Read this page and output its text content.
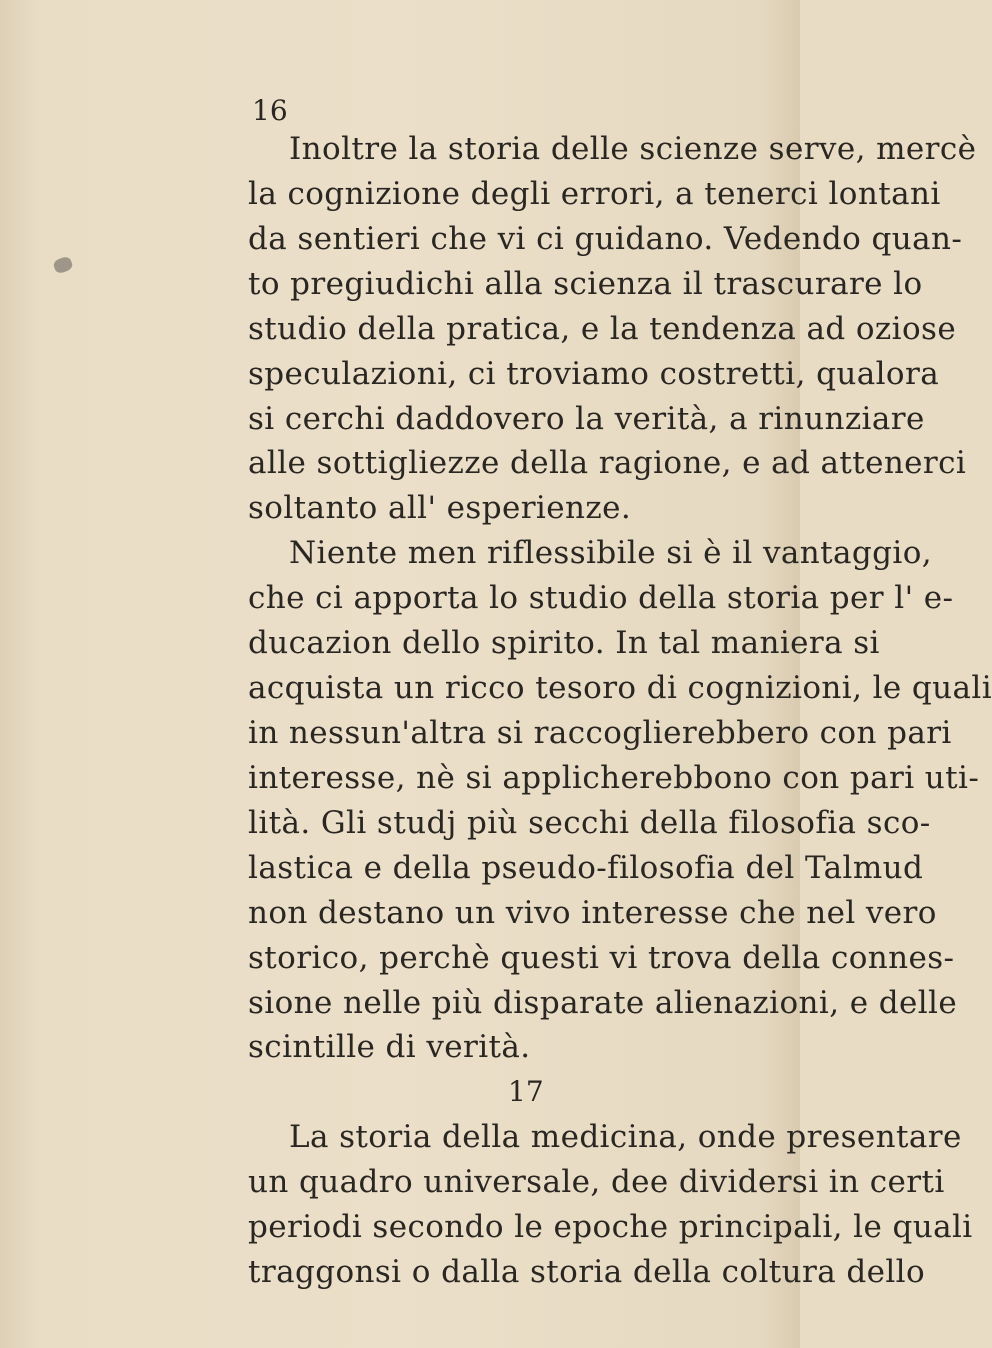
16
Inoltre la storia delle scienze serve, mercè
la cognizione degli errori, a tenerci lontani
da sentieri che vi ci guidano. Vedendo quan-
to pregiudichi alla scienza il trascurare lo
studio della pratica, e la tendenza ad oziose
speculazioni, ci troviamo costretti, qualora
si cerchi daddovero la verità, a rinunziare
alle sottigliezze della ragione, e ad attenerci
soltanto all' esperienze.
Niente men riflessibile si è il vantaggio,
che ci apporta lo studio della storia per l' e-
ducazion dello spirito. In tal maniera si
acquista un ricco tesoro di cognizioni, le quali
in nessun'altra si raccoglierebbero con pari
interesse, nè si applicherebbono con pari uti-
lità. Gli studj più secchi della filosofia sco-
lastica e della pseudo-filosofia del Talmud
non destano un vivo interesse che nel vero
storico, perchè questi vi trova della connes-
sione nelle più disparate alienazioni, e delle
scintille di verità.
17
La storia della medicina, onde presentare
un quadro universale, dee dividersi in certi
periodi secondo le epoche principali, le quali
traggonsi o dalla storia della coltura dello
